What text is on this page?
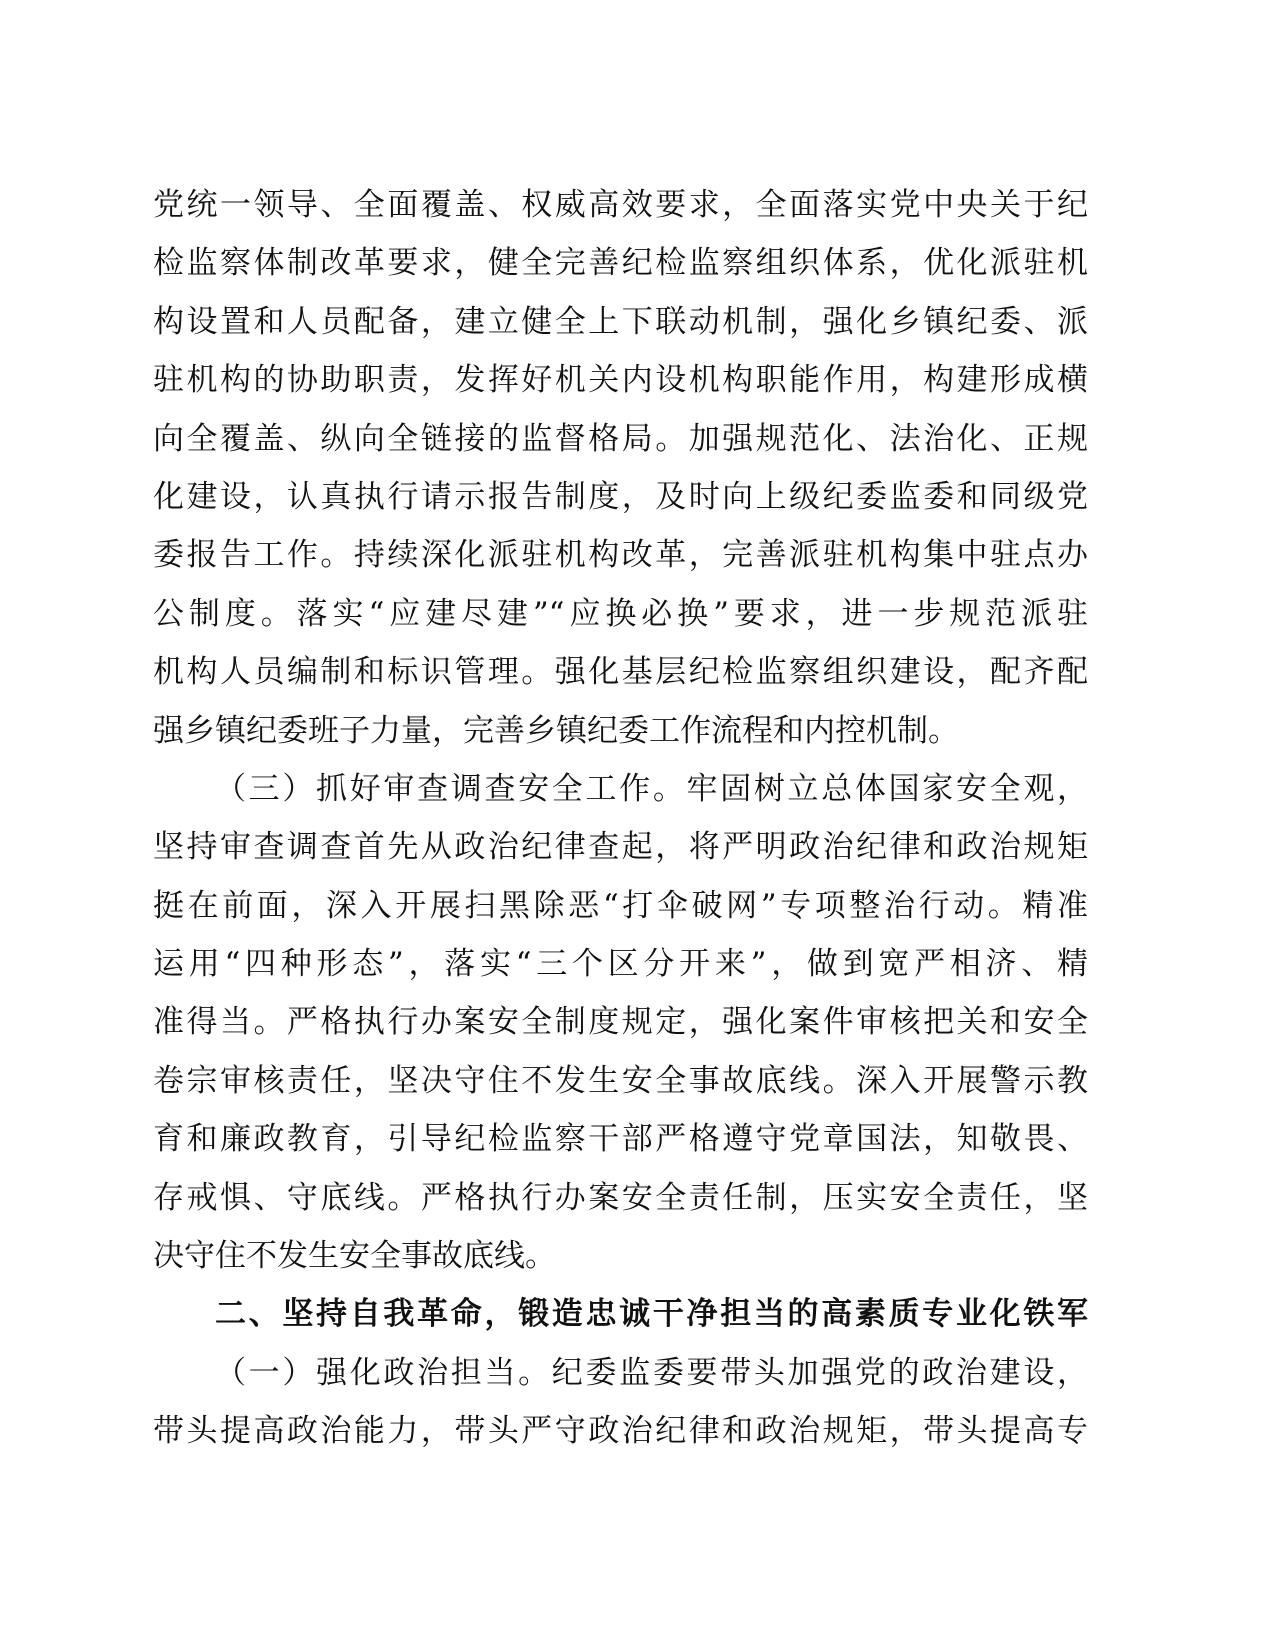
党统一领导、全面覆盖、权威高效要求，全面落实党中央关于纪
检监察体制改革要求，健全完善纪检监察组织体系，优化派驻机
构设置和人员配备，建立健全上下联动机制，强化乡镇纪委、派
驻机构的协助职责，发挥好机关内设机构职能作用，构建形成横
向全覆盖、纵向全链接的监督格局。加强规范化、法治化、正规
化建设，认真执行请示报告制度，及时向上级纪委监委和同级党
委报告工作。持续深化派驻机构改革，完善派驻机构集中驻点办
公制度。落实“应建尽建”“应换必换”要求，进一步规范派驻
机构人员编制和标识管理。强化基层纪检监察组织建设，配齐配
强乡镇纪委班子力量，完善乡镇纪委工作流程和内控机制。
（三）抓好审查调查安全工作。牢固树立总体国家安全观，
坚持审查调查首先从政治纪律查起，将严明政治纪律和政治规矩
挺在前面，深入开展扫黑除恶“打伞破网”专项整治行动。精准
运用“四种形态”，落实“三个区分开来”，做到宽严相济、精
准得当。严格执行办案安全制度规定，强化案件审核把关和安全
卷宗审核责任，坚决守住不发生安全事故底线。深入开展警示教
育和廉政教育，引导纪检监察干部严格遵守党章国法，知敬畏、
存戒惧、守底线。严格执行办案安全责任制，压实安全责任，坚
决守住不发生安全事故底线。
二、坚持自我革命，锻造忠诚干净担当的高素质专业化铁军
（一）强化政治担当。纪委监委要带头加强党的政治建设，
带头提高政治能力，带头严守政治纪律和政治规矩，带头提高专
